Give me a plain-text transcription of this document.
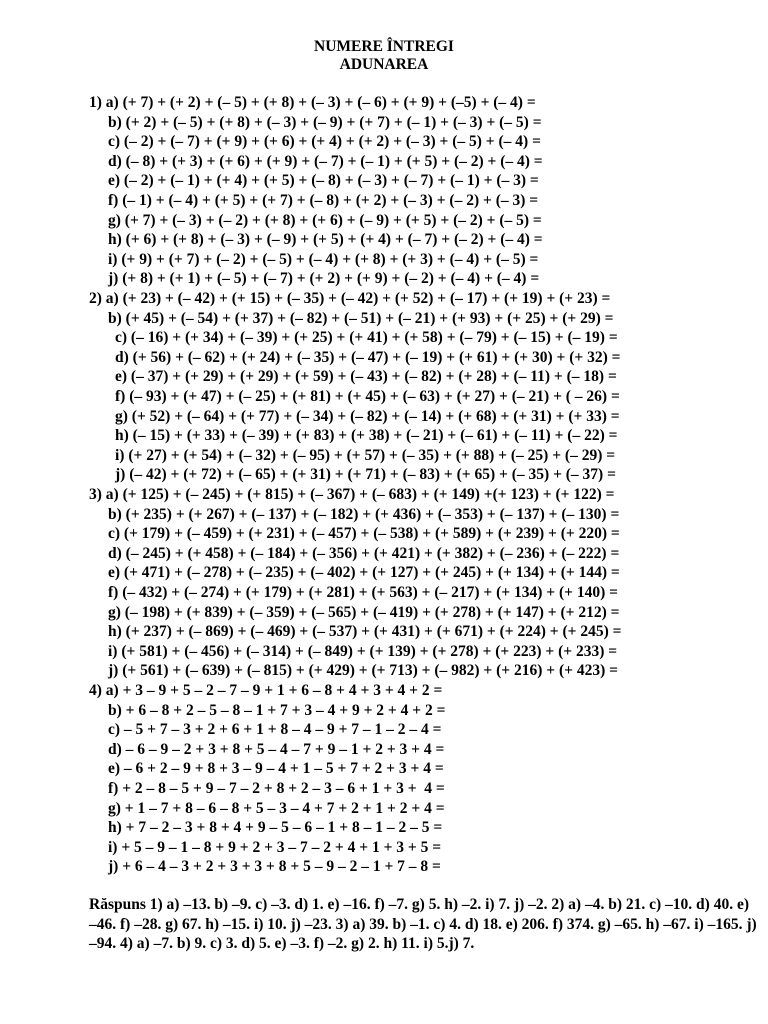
NUMERE ÎNTREGI
ADUNAREA
1) a) (+ 7) + (+ 2) + (– 5) + (+ 8) + (– 3) + (– 6) + (+ 9) + (–5) + (– 4) =
b) (+ 2) + (– 5) + (+ 8) + (– 3) + (– 9) + (+ 7) + (– 1) + (– 3) + (– 5) =
c) (– 2) + (– 7) + (+ 9) + (+ 6) + (+ 4) + (+ 2) + (– 3) + (– 5) + (– 4) =
d) (– 8) + (+ 3) + (+ 6) + (+ 9) + (– 7) + (– 1) + (+ 5) + (– 2) + (– 4) =
e) (– 2) + (– 1) + (+ 4) + (+ 5) + (– 8) + (– 3) + (– 7) + (– 1) + (– 3) =
f) (– 1) + (– 4) + (+ 5) + (+ 7) + (– 8) + (+ 2) + (– 3) + (– 2) + (– 3) =
g) (+ 7) + (– 3) + (– 2) + (+ 8) + (+ 6) + (– 9) + (+ 5) + (– 2) + (– 5) =
h) (+ 6) + (+ 8) + (– 3) + (– 9) + (+ 5) + (+ 4) + (– 7) + (– 2) + (– 4) =
i) (+ 9) + (+ 7) + (– 2) + (– 5) + (– 4) + (+ 8) + (+ 3) + (– 4) + (– 5) =
j) (+ 8) + (+ 1) + (– 5) + (– 7) + (+ 2) + (+ 9) + (– 2) + (– 4) + (– 4) =
2) a) (+ 23) + (– 42) + (+ 15) + (– 35) + (– 42) + (+ 52) + (– 17) + (+ 19) + (+ 23) =
b) (+ 45) + (– 54) + (+ 37) + (– 82) + (– 51) + (– 21) + (+ 93) + (+ 25) + (+ 29) =
c) (– 16) + (+ 34) + (– 39) + (+ 25) + (+ 41) + (+ 58) + (– 79) + (– 15) + (– 19) =
d) (+ 56) + (– 62) + (+ 24) + (– 35) + (– 47) + (– 19) + (+ 61) + (+ 30) + (+ 32) =
e) (– 37) + (+ 29) + (+ 29) + (+ 59) + (– 43) + (– 82) + (+ 28) + (– 11) + (– 18) =
f) (– 93) + (+ 47) + (– 25) + (+ 81) + (+ 45) + (– 63) + (+ 27) + (– 21) + ( – 26) =
g) (+ 52) + (– 64) + (+ 77) + (– 34) + (– 82) + (– 14) + (+ 68) + (+ 31) + (+ 33) =
h) (– 15) + (+ 33) + (– 39) + (+ 83) + (+ 38) + (– 21) + (– 61) + (– 11) + (– 22) =
i) (+ 27) + (+ 54) + (– 32) + (– 95) + (+ 57) + (– 35) + (+ 88) + (– 25) + (– 29) =
j) (– 42) + (+ 72) + (– 65) + (+ 31) + (+ 71) + (– 83) + (+ 65) + (– 35) + (– 37) =
3) a) (+ 125) + (– 245) + (+ 815) + (– 367) + (– 683) + (+ 149) +(+ 123) + (+ 122) =
b) (+ 235) + (+ 267) + (– 137) + (– 182) + (+ 436) + (– 353) + (– 137) + (– 130) =
c) (+ 179) + (– 459) + (+ 231) + (– 457) + (– 538) + (+ 589) + (+ 239) + (+ 220) =
d) (– 245) + (+ 458) + (– 184) + (– 356) + (+ 421) + (+ 382) + (– 236) + (– 222) =
e) (+ 471) + (– 278) + (– 235) + (– 402) + (+ 127) + (+ 245) + (+ 134) + (+ 144) =
f) (– 432) + (– 274) + (+ 179) + (+ 281) + (+ 563) + (– 217) + (+ 134) + (+ 140) =
g) (– 198) + (+ 839) + (– 359) + (– 565) + (– 419) + (+ 278) + (+ 147) + (+ 212) =
h) (+ 237) + (– 869) + (– 469) + (– 537) + (+ 431) + (+ 671) + (+ 224) + (+ 245) =
i) (+ 581) + (– 456) + (– 314) + (– 849) + (+ 139) + (+ 278) + (+ 223) + (+ 233) =
j) (+ 561) + (– 639) + (– 815) + (+ 429) + (+ 713) + (– 982) + (+ 216) + (+ 423) =
4) a) + 3 – 9 + 5 – 2 – 7 – 9 + 1 + 6 – 8 + 4 + 3 + 4 + 2 =
b) + 6 – 8 + 2 – 5 – 8 – 1 + 7 + 3 – 4 + 9 + 2 + 4 + 2 =
c) – 5 + 7 – 3 + 2 + 6 + 1 + 8 – 4 – 9 + 7 – 1 – 2 – 4 =
d) – 6 – 9 – 2 + 3 + 8 + 5 – 4 – 7 + 9 – 1 + 2 + 3 + 4 =
e) – 6 + 2 – 9 + 8 + 3 – 9 – 4 + 1 – 5 + 7 + 2 + 3 + 4 =
f) + 2 – 8 – 5 + 9 – 7 – 2 + 8 + 2 – 3 – 6 + 1 + 3 +  4 =
g) + 1 – 7 + 8 – 6 – 8 + 5 – 3 – 4 + 7 + 2 + 1 + 2 + 4 =
h) + 7 – 2 – 3 + 8 + 4 + 9 – 5 – 6 – 1 + 8 – 1 – 2 – 5 =
i) + 5 – 9 – 1 – 8 + 9 + 2 + 3 – 7 – 2 + 4 + 1 + 3 + 5 =
j) + 6 – 4 – 3 + 2 + 3 + 3 + 8 + 5 – 9 – 2 – 1 + 7 – 8 =
Răspuns 1) a) –13. b) –9. c) –3. d) 1. e) –16. f) –7. g) 5. h) –2. i) 7. j) –2. 2) a) –4. b) 21. c) –10. d) 40. e) –46. f) –28. g) 67. h) –15. i) 10. j) –23. 3) a) 39. b) –1. c) 4. d) 18. e) 206. f) 374. g) –65. h) –67. i) –165. j) –94. 4) a) –7. b) 9. c) 3. d) 5. e) –3. f) –2. g) 2. h) 11. i) 5.j) 7.
